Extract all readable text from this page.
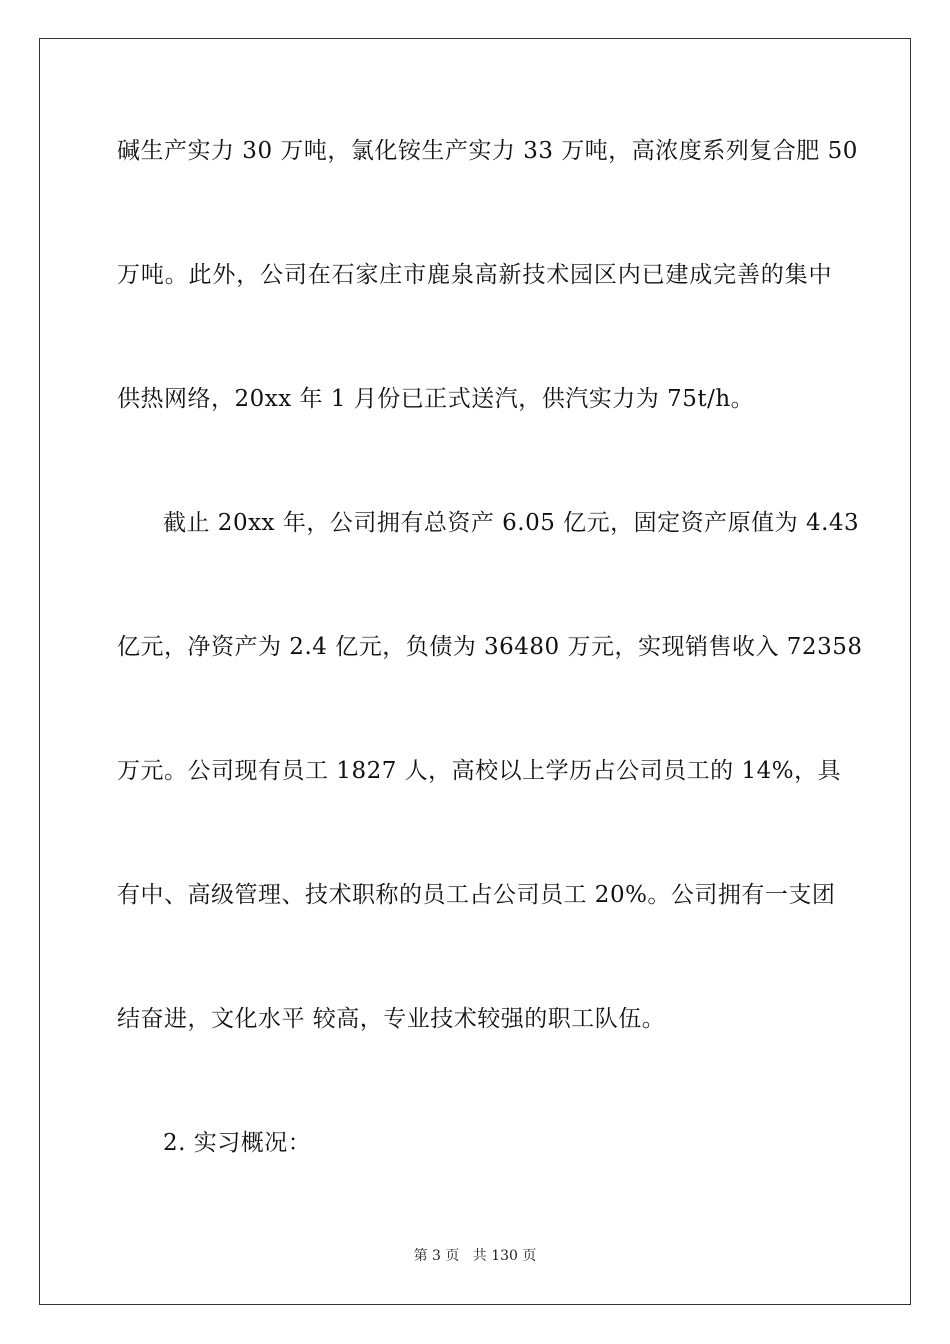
碱生产实力 30 万吨，氯化铵生产实力 33 万吨，高浓度系列复合肥 50
万吨。此外，公司在石家庄市鹿泉高新技术园区内已建成完善的集中
供热网络，20xx 年 1 月份已正式送汽，供汽实力为 75t/h。
截止 20xx 年，公司拥有总资产 6.05 亿元，固定资产原值为 4.43
亿元，净资产为 2.4 亿元，负债为 36480 万元，实现销售收入 72358
万元。公司现有员工 1827 人，高校以上学历占公司员工的 14%，具
有中、高级管理、技术职称的员工占公司员工 20%。公司拥有一支团
结奋进，文化水平 较高，专业技术较强的职工队伍。
2. 实习概况：
第 3 页 共 130 页
